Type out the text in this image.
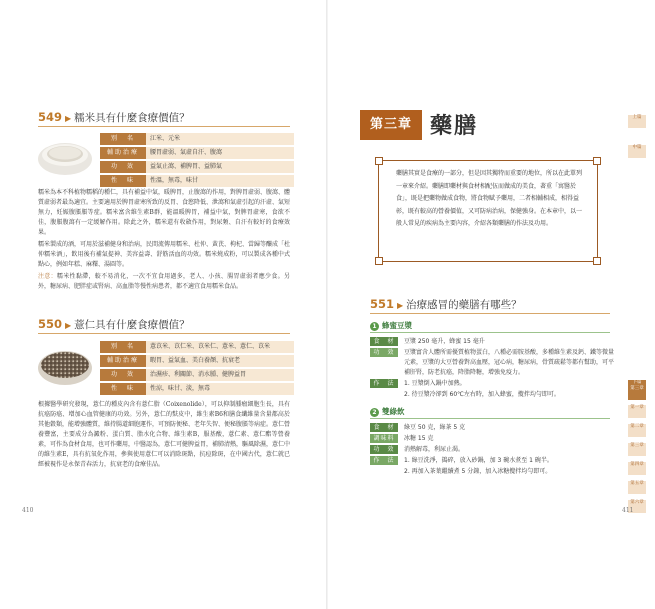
549 ▶ 糯米具有什麼食療價值？
別　名	江米、元米
輔助治療	腰胃虛弱、氣虛自汗、腹瀉
功　效	益氣止瀉、補脾胃、益肺氣
性　味	性溫，無毒，味甘

糯米為本不科植物糯稻的種仁，具有補益中氣，暖脾胃，止腹瀉的作用，對脾胃虛弱、腹瀉、體質虛弱者最為適宜。主要適用於脾胃虛寒所致的反胃、食慾降低、泄瀉和氣虛引起的汗虛、氣短無力，妊娠腹脹脹等症。糯米富含維生素B群，能溫暖脾胃，補益中氣，對脾胃虛寒，食欲不佳，腹脹腹瀉有一定緩解作用。除此之外，糯米還有收斂作用，對尿頻、自汗有較好的食療效果。

糯米製成的酒，可用於滋補健身和治病，民間流傳用糯米、杜仲、黃芪、枸杞、當歸等釀成「杜仲糯米酒」，飲用後有補氣提神、美容益壽、舒筋活血的功效。糯米燒成粉，可以製成各種中式點心，例如年糕、麻糬、湯圓等。

注意：糯米性黏滯，較不易消化，一次不宜食用過多，老人、小孩、腸胃虛弱者應少食。另外，糖尿病、肥胖症或腎病、高血脂等慢性病患者，都不適宜食用糯米食品。

550 ▶ 薏仁具有什麼食療價值？
別　名	薏苡米、苡仁米、苡米仁、薏米、薏仁、苡米
輔助治療	暇胃、益氣血、美白養顏、抗衰老
功　效	治濕疹、利關節、消水腫、健脾益胃
性　味	性涼，味甘、淡，無毒

根據醫學研究發現，薏仁的種皮內含有薏仁脂（Coixenolide），可以抑制腫瘤細胞生長，具有抗癌防癌、增加心血管健康的功效。另外，薏仁的麩皮中，維生素B6和膳食纖維量含量都高於其他穀類，能增強體質，維持腸道細胞運作，可預防便秘、老年失智、便秘腹脹等病症。薏仁營養豐富，主要成分為澱粉、蛋白質、脂水化合物、維生素B，服基酸，薏仁素、薏仁酯等營養素，可作為食材食用，也可作藥用，中醫認為，薏仁可健脾益胃，補肺清熱，驅風除濕，薏仁中的維生素E，具有抗氧化作用，參與使用薏仁可以消除斑點，抗痘除斑，在中國古代，薏仁就已經被視作是永保青春活力，抗衰老的食療佳品。

410
第三章 藥膳
藥膳其實是食療的一部分，但是因其獨特而重要的地位，所以在此單列一章來介紹。藥膳即藥材與食材相配伍而做成的美食，著重「寓醫於食」，既是把藥物做成食物，將食物賦予藥用，二者相輔相成，相得益彰，既有較高的營養價值，又可防病治病，保健強身。在本章中，以一般人常見的疾病為主要內容，介紹各類藥膳的作法及功用。
551 ▶ 治療感冒的藥膳有哪些？
1 蜂蜜豆漿
食　材 豆漿 250 毫升，蜂蜜 15 毫升
功　效 豆漿富含人體所需優質植物蛋白，八種必需胺基酸，多種維生素及鈣、鐵等微量
元素，豆漿的大豆營養對高血壓，冠心病，糖尿病，骨質疏鬆等都有幫助，可平
補肝腎，防老抗癌，降脂降糖，增強免疫力。
作　法 1. 豆漿倒入鍋中加熱。
2. 待豆漿冷卻到 60℃左右時，加入蜂蜜，攪拌均勻即可。
2 雙綠飲
食　材 綠豆 50 克，綠茶 5 克
調味料 冰糖 15 克
功　效 消熱解毒，利尿止渴。
作　法 1. 綠豆洗淨，搗碎，放入砂鍋，加 3 碗水煮至 1 碗半。
2. 再加入茶葉繼續煮 5 分鐘，加入冰糖攪拌均勻即可。
上篇
中篇
下篇
第三章
第一章
第二章
第三章
第四章
第五章
第六章
411
